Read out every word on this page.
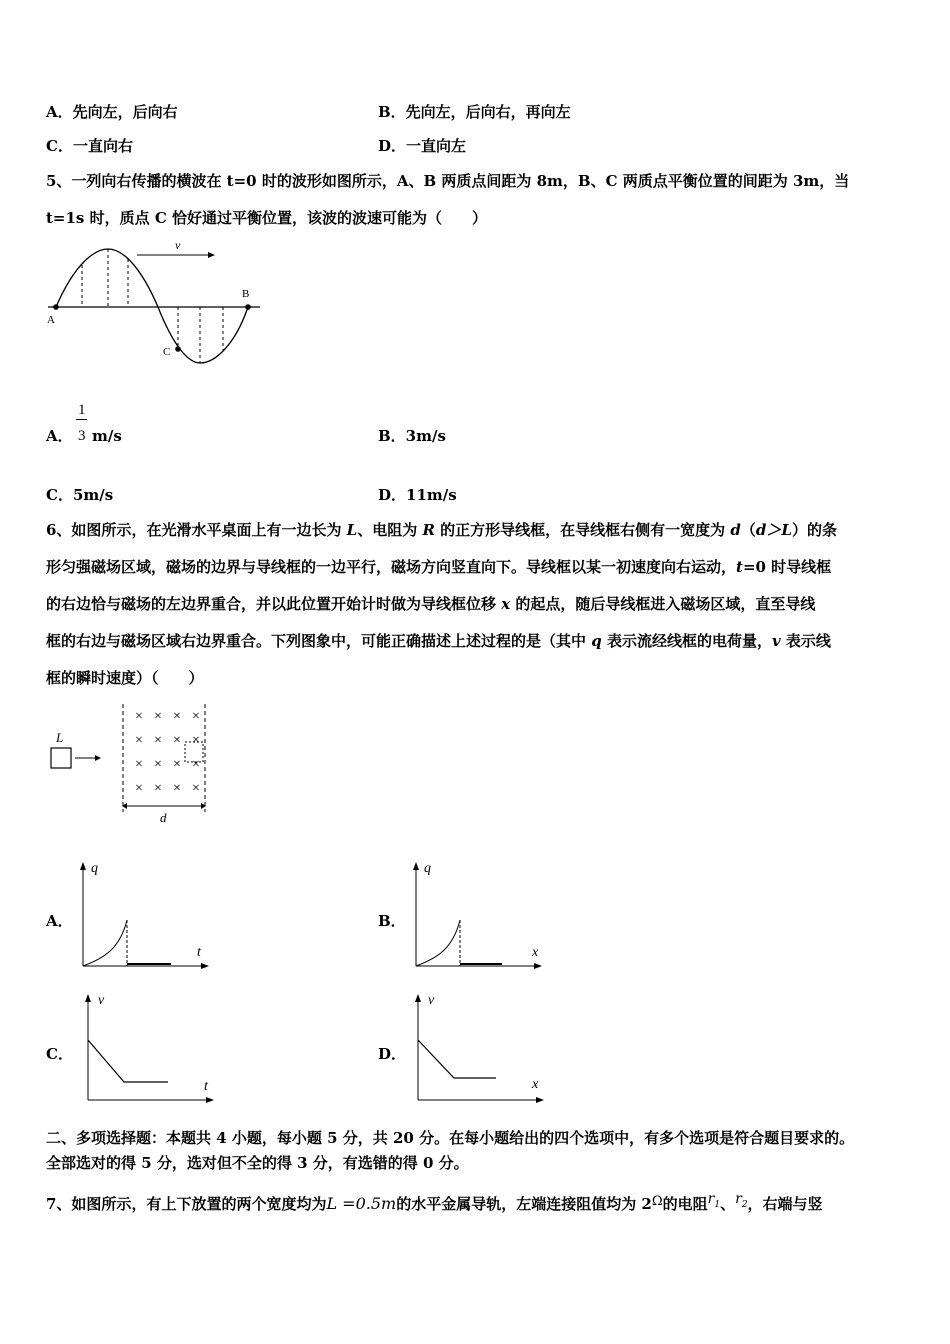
A．先向左，后向右	B．先向左，后向右，再向左
C．一直向右	D．一直向左
5、一列向右传播的横波在 t=0 时的波形如图所示，A、B 两质点间距为 8m，B、C 两质点平衡位置的间距为 3m，当
t=1s 时，质点 C 恰好通过平衡位置，该波的波速可能为（　　）
v
A
B
C
A．
1
3 m/s	B．3m/s
C．5m/s	D．11m/s
6、如图所示，在光滑水平桌面上有一边长为 L、电阻为 R 的正方形导线框，在导线框右侧有一宽度为 d（d＞L）的条
形匀强磁场区域，磁场的边界与导线框的一边平行，磁场方向竖直向下。导线框以某一初速度向右运动，t=0 时导线框
的右边恰与磁场的左边界重合，并以此位置开始计时做为导线框位移 x 的起点，随后导线框进入磁场区域，直至导线
框的右边与磁场区域右边界重合。下列图象中，可能正确描述上述过程的是（其中 q 表示流经线框的电荷量，v 表示线
框的瞬时速度）（　　）
L
× × × ×
× × × ×
× × × ×
× × × ×
d
A．
q
t
B．
q
x
C．
v
t
D．
v
x
二、多项选择题：本题共 4 小题，每小题 5 分，共 20 分。在每小题给出的四个选项中，有多个选项是符合题目要求的。
全部选对的得 5 分，选对但不全的得 3 分，有选错的得 0 分。
7、如图所示，有上下放置的两个宽度均为L =0.5m的水平金属导轨，左端连接阻值均为 2Ω的电阻$r_1$、$r_2$，右端与竖
